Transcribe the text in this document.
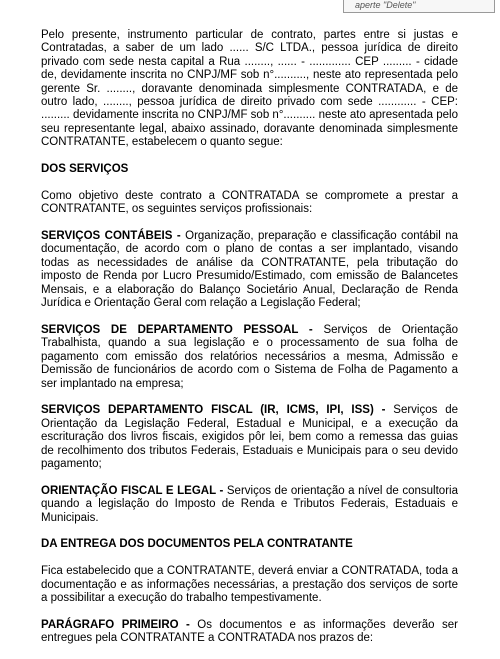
aperte "Delete"

Pelo presente, instrumento particular de contrato, partes entre si justas e Contratadas, a saber de um lado ...... S/C LTDA., pessoa jurídica de direito privado com sede nesta capital a Rua ........, ...... - ............. CEP ......... - cidade de, devidamente inscrita no CNPJ/MF sob n°.........., neste ato representada pelo gerente Sr. ........, doravante denominada simplesmente CONTRATADA, e de outro lado, ........, pessoa jurídica de direito privado com sede ............ - CEP: ......... devidamente inscrita no CNPJ/MF sob n°.......... neste ato apresentada pelo seu representante legal, abaixo assinado, doravante denominada simplesmente CONTRATANTE, estabelecem o quanto segue:

DOS SERVIÇOS

Como objetivo deste contrato a CONTRATADA se compromete a prestar a CONTRATANTE, os seguintes serviços profissionais:

SERVIÇOS CONTÁBEIS - Organização, preparação e classificação contábil na documentação, de acordo com o plano de contas a ser implantado, visando todas as necessidades de análise da CONTRATANTE, pela tributação do imposto de Renda por Lucro Presumido/Estimado, com emissão de Balancetes Mensais, e a elaboração do Balanço Societário Anual, Declaração de Renda Jurídica e Orientação Geral com relação a Legislação Federal;

SERVIÇOS DE DEPARTAMENTO PESSOAL - Serviços de Orientação Trabalhista, quando a sua legislação e o processamento de sua folha de pagamento com emissão dos relatórios necessários a mesma, Admissão e Demissão de funcionários de acordo com o Sistema de Folha de Pagamento a ser implantado na empresa;

SERVIÇOS DEPARTAMENTO FISCAL (IR, ICMS, IPI, ISS) - Serviços de Orientação da Legislação Federal, Estadual e Municipal, e a execução da escrituração dos livros fiscais, exigidos pôr lei, bem como a remessa das guias de recolhimento dos tributos Federais, Estaduais e Municipais para o seu devido pagamento;

ORIENTAÇÃO FISCAL E LEGAL - Serviços de orientação a nível de consultoria quando a legislação do Imposto de Renda e Tributos Federais, Estaduais e Municipais.

DA ENTREGA DOS DOCUMENTOS PELA CONTRATANTE

Fica estabelecido que a CONTRATANTE, deverá enviar a CONTRATADA, toda a documentação e as informações necessárias, a prestação dos serviços de sorte a possibilitar a execução do trabalho tempestivamente.

PARÁGRAFO PRIMEIRO - Os documentos e as informações deverão ser entregues pela CONTRATANTE a CONTRATADA nos prazos de:
